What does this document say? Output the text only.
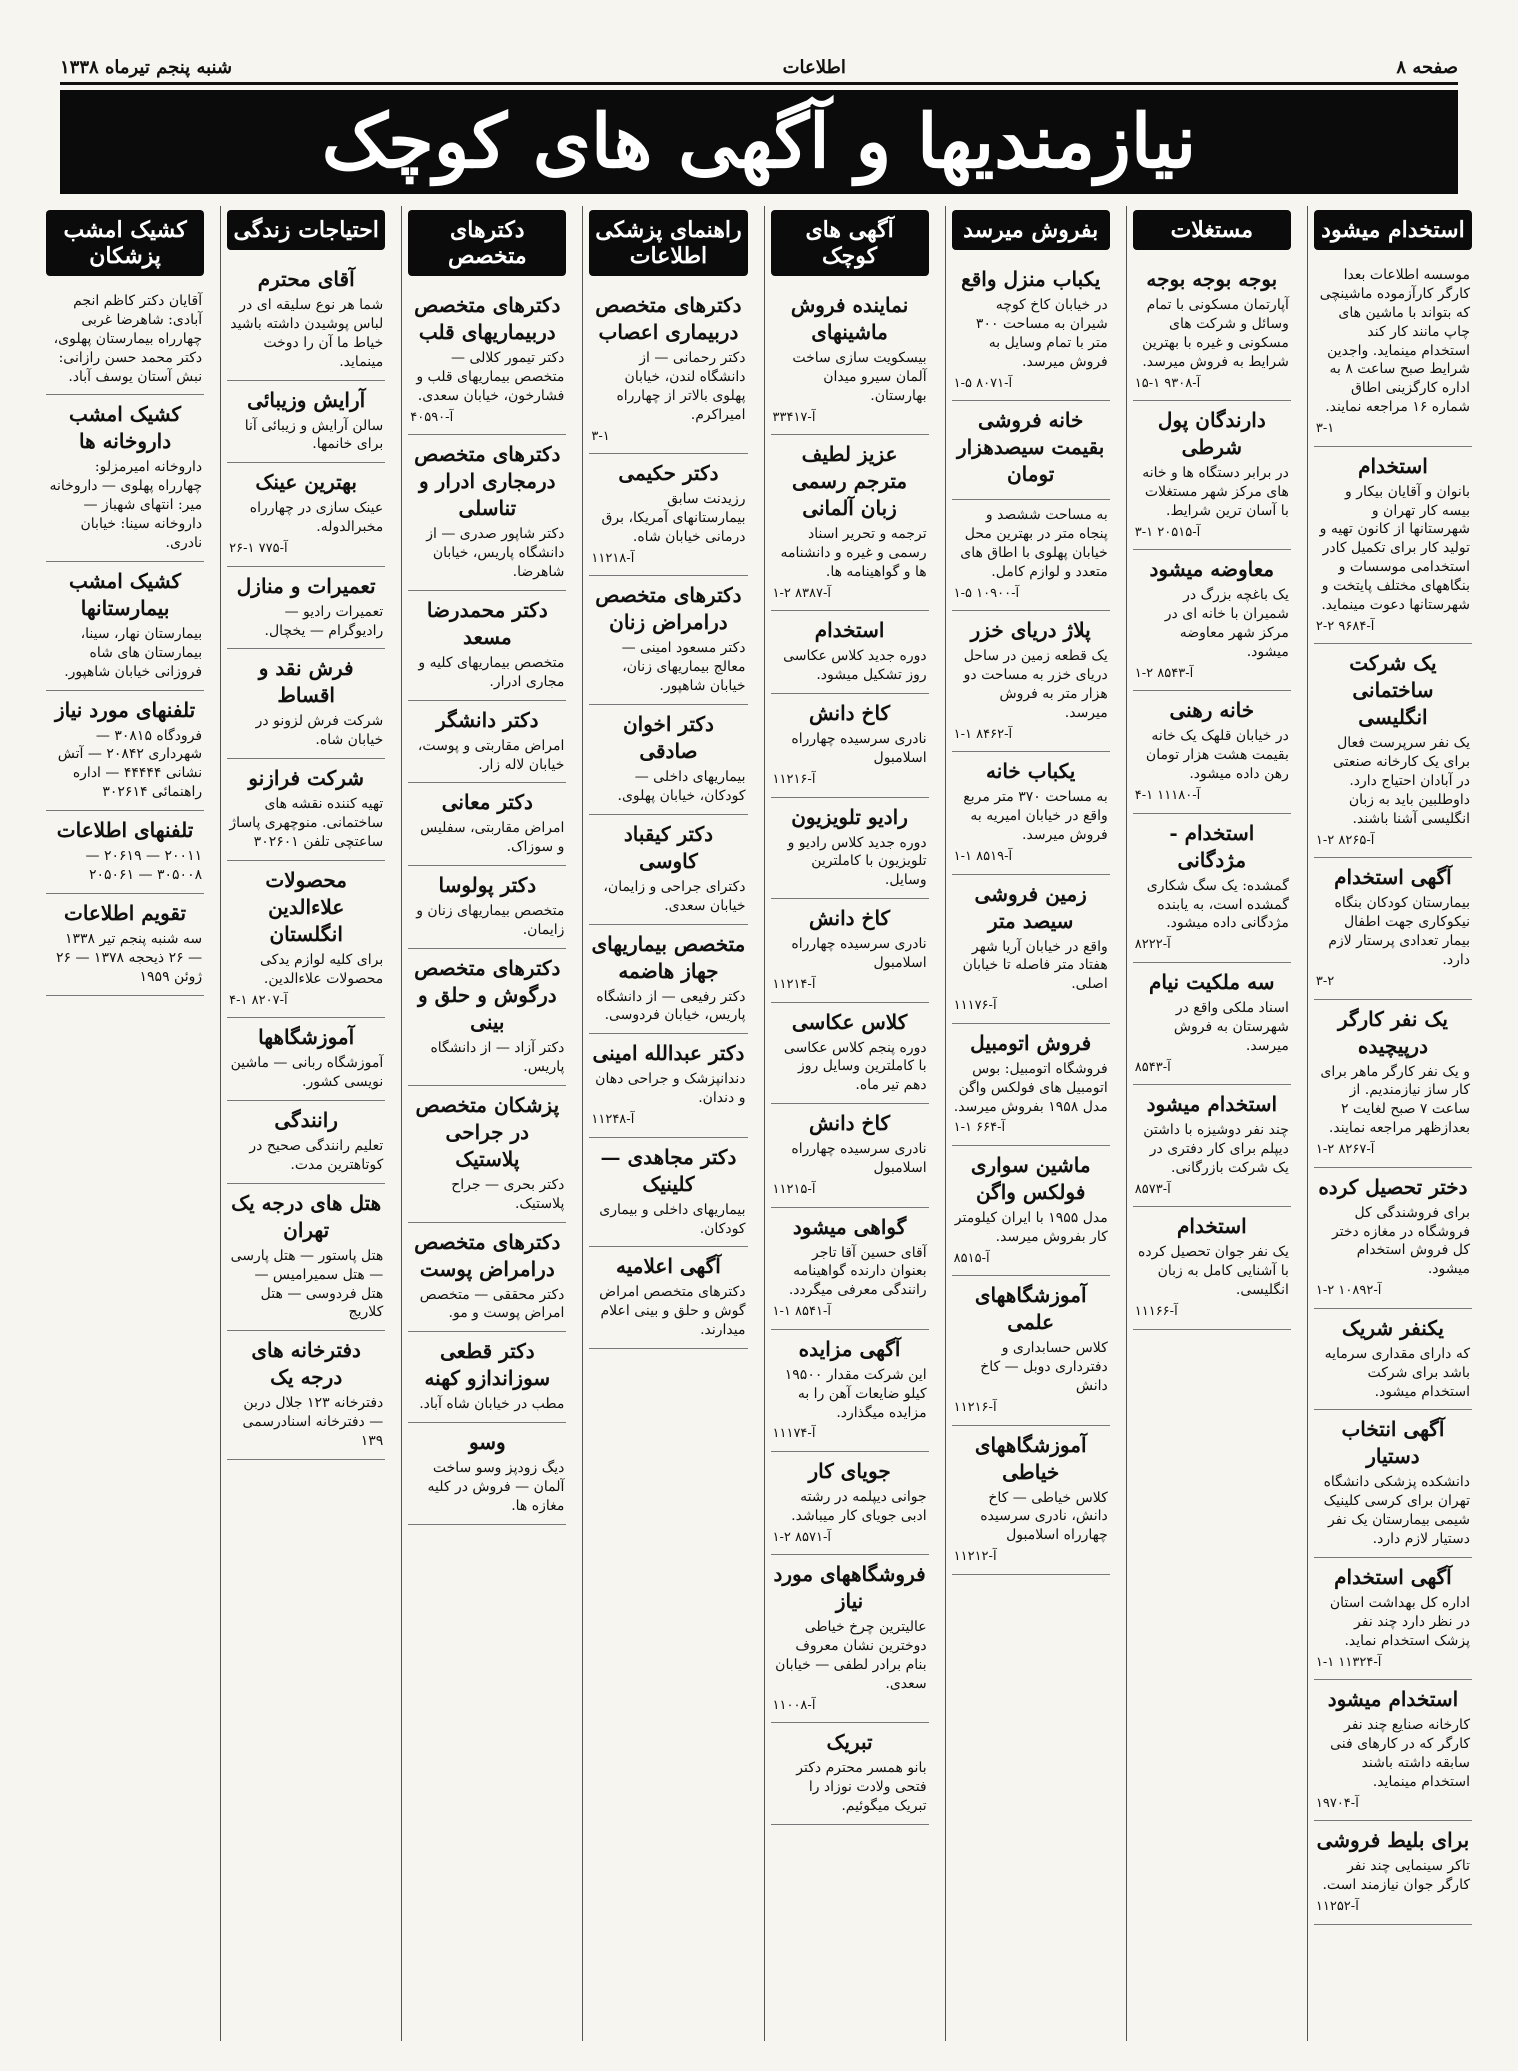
صفحه ۸
اطلاعات
شنبه پنجم تیرماه ۱۳۳۸
نیازمندیها و آگهی های کوچک
استخدام میشود
موسسه اطلاعات بعدا کارگر کارآزموده ماشینچی که بتواند با ماشین های چاپ مانند کار کند استخدام مینماید. واجدین شرایط صبح ساعت ۸ به اداره کارگزینی اطاق شماره ۱۶ مراجعه نمایند.
۳-۱
استخدام
بانوان و آقایان بیکار و بیسه کار تهران و شهرستانها از کانون تهیه و تولید کار برای تکمیل کادر استخدامی موسسات و بنگاههای مختلف پایتخت و شهرستانها دعوت مینماید.
آ-۹۶۸۴ ۲-۲
یک شرکت ساختمانی انگلیسی
یک نفر سرپرست فعال برای یک کارخانه صنعتی در آبادان احتیاج دارد. داوطلبین باید به زبان انگلیسی آشنا باشند.
آ-۸۲۶۵ ۲-۱
آگهی استخدام
بیمارستان کودکان بنگاه نیکوکاری جهت اطفال بیمار تعدادی پرستار لازم دارد.
۳-۲
یک نفر کارگر درپیچیده
و یک نفر کارگر ماهر برای کار ساز نیازمندیم. از ساعت ۷ صبح لغایت ۲ بعدازظهر مراجعه نمایند.
آ-۸۲۶۷ ۲-۱
دختر تحصیل کرده
برای فروشندگی کل فروشگاه در مغازه دختر کل فروش استخدام میشود.
آ-۱۰۸۹۲ ۲-۱
یکنفر شریک
که دارای مقداری سرمایه باشد برای شرکت استخدام میشود.
آگهی انتخاب دستیار
دانشکده پزشکی دانشگاه تهران برای کرسی کلینیک شیمی بیمارستان یک نفر دستیار لازم دارد.
آگهی استخدام
اداره کل بهداشت استان در نظر دارد چند نفر پزشک استخدام نماید.
آ-۱۱۳۲۴ ۱-۱
استخدام میشود
کارخانه صنایع چند نفر کارگر که در کارهای فنی سابقه داشته باشند استخدام مینماید.
آ-۱۹۷۰۴
برای بلیط فروشی
تاکر سینمایی چند نفر کارگر جوان نیازمند است.
آ-۱۱۲۵۲
مستغلات
بوجه بوجه بوجه
آپارتمان مسکونی با تمام وسائل و شرکت های مسکونی و غیره با بهترین شرایط به فروش میرسد.
آ-۹۳۰۸ ۱-۱۵
دارندگان پول شرطی
در برابر دستگاه ها و خانه های مرکز شهر مستغلات با آسان ترین شرایط.
آ-۲۰۵۱۵ ۱-۳
معاوضه میشود
یک باغچه بزرگ در شمیران با خانه ای در مرکز شهر معاوضه میشود.
آ-۸۵۴۳ ۲-۱
خانه رهنی
در خیابان قلهک یک خانه بقیمت هشت هزار تومان رهن داده میشود.
آ-۱۱۱۸۰ ۱-۴
استخدام - مژدگانی
گمشده: یک سگ شکاری گمشده است، به یابنده مژدگانی داده میشود.
آ-۸۲۲۲
سه ملکیت نیام
اسناد ملکی واقع در شهرستان به فروش میرسد.
آ-۸۵۴۳
استخدام میشود
چند نفر دوشیزه با داشتن دیپلم برای کار دفتری در یک شرکت بازرگانی.
آ-۸۵۷۳
استخدام
یک نفر جوان تحصیل کرده با آشنایی کامل به زبان انگلیسی.
آ-۱۱۱۶۶
بفروش میرسد
یکباب منزل واقع
در خیابان کاخ کوچه شیران به مساحت ۳۰۰ متر با تمام وسایل به فروش میرسد.
آ-۸۰۷۱ ۵-۱
خانه فروشی بقیمت سیصدهزار تومان
به مساحت ششصد و پنجاه متر در بهترین محل خیابان پهلوی با اطاق های متعدد و لوازم کامل.
آ-۱۰۹۰۰ ۵-۱
پلاژ دریای خزر
یک قطعه زمین در ساحل دریای خزر به مساحت دو هزار متر به فروش میرسد.
آ-۸۴۶۲ ۱-۱
یکباب خانه
به مساحت ۳۷۰ متر مربع واقع در خیابان امیریه به فروش میرسد.
آ-۸۵۱۹ ۱-۱
زمین فروشی سیصد متر
واقع در خیابان آریا شهر هفتاد متر فاصله تا خیابان اصلی.
آ-۱۱۱۷۶
فروش اتومبیل
فروشگاه اتومبیل: بوس اتومبیل های فولکس واگن مدل ۱۹۵۸ بفروش میرسد.
آ-۶۶۴ ۱-۱
ماشین سواری فولکس واگن
مدل ۱۹۵۵ با ایران کیلومتر کار بفروش میرسد.
آ-۸۵۱۵
آموزشگاههای علمی
کلاس حسابداری و دفترداری دوبل — کاخ دانش
آ-۱۱۲۱۶
آموزشگاههای خیاطی
کلاس خیاطی — کاخ دانش، نادری سرسیده چهارراه اسلامبول
آ-۱۱۲۱۲
آگهی های کوچک
نماینده فروش ماشینهای
بیسکویت سازی ساخت آلمان سیرو میدان بهارستان.
آ-۳۳۴۱۷
عزیز لطیف مترجم رسمی زبان آلمانی
ترجمه و تحریر اسناد رسمی و غیره و دانشنامه ها و گواهینامه ها.
آ-۸۳۸۷ ۲-۱
استخدام
دوره جدید کلاس عکاسی روز تشکیل میشود.
کاخ دانش
نادری سرسیده چهارراه اسلامبول
آ-۱۱۲۱۶
رادیو تلویزیون
دوره جدید کلاس رادیو و تلویزیون با کاملترین وسایل.
کاخ دانش
نادری سرسیده چهارراه اسلامبول
آ-۱۱۲۱۴
کلاس عکاسی
دوره پنجم کلاس عکاسی با کاملترین وسایل روز دهم تیر ماه.
کاخ دانش
نادری سرسیده چهارراه اسلامبول
آ-۱۱۲۱۵
گواهی میشود
آقای حسین آقا تاجر بعنوان دارنده گواهینامه رانندگی معرفی میگردد.
آ-۸۵۴۱ ۱-۱
آگهی مزایده
این شرکت مقدار ۱۹۵۰۰ کیلو ضایعات آهن را به مزایده میگذارد.
آ-۱۱۱۷۴
جویای کار
جوانی دیپلمه در رشته ادبی جویای کار میباشد.
آ-۸۵۷۱ ۲-۱
فروشگاههای مورد نیاز
عالیترین چرخ خیاطی دوخترین نشان معروف بنام برادر لطفی — خیابان سعدی.
آ-۱۱۰۰۸
تبریک
بانو همسر محترم دکتر فتحی ولادت نوزاد را تبریک میگوئیم.
راهنمای پزشکی اطلاعات
دکترهای متخصص دربیماری اعصاب
دکتر رحمانی — از دانشگاه لندن، خیابان پهلوی بالاتر از چهارراه امیراکرم.
۳-۱
دکتر حکیمی
رزیدنت سابق بیمارستانهای آمریکا، برق درمانی خیابان شاه.
آ-۱۱۲۱۸
دکترهای متخصص درامراض زنان
دکتر مسعود امینی — معالج بیماریهای زنان، خیابان شاهپور.
دکتر اخوان صادقی
بیماریهای داخلی — کودکان، خیابان پهلوی.
دکتر کیقباد کاوسی
دکترای جراحی و زایمان، خیابان سعدی.
متخصص بیماریهای جهاز هاضمه
دکتر رفیعی — از دانشگاه پاریس، خیابان فردوسی.
دکتر عبدالله امینی
دندانپزشک و جراحی دهان و دندان.
آ-۱۱۲۴۸
دکتر مجاهدی — کلینیک
بیماریهای داخلی و بیماری کودکان.
آگهی اعلامیه
دکترهای متخصص امراض گوش و حلق و بینی اعلام میدارند.
دکترهای متخصص
دکترهای متخصص دربیماریهای قلب
دکتر تیمور کلالی — متخصص بیماریهای قلب و فشارخون، خیابان سعدی.
آ-۴۰۵۹۰
دکترهای متخصص درمجاری ادرار و تناسلی
دکتر شاپور صدری — از دانشگاه پاریس، خیابان شاهرضا.
دکتر محمدرضا مسعد
متخصص بیماریهای کلیه و مجاری ادرار.
دکتر دانشگر
امراض مقاربتی و پوست، خیابان لاله زار.
دکتر معانی
امراض مقاربتی، سفلیس و سوزاک.
دکتر پولوسا
متخصص بیماریهای زنان و زایمان.
دکترهای متخصص درگوش و حلق و بینی
دکتر آزاد — از دانشگاه پاریس.
پزشکان متخصص در جراحی پلاستیک
دکتر بحری — جراح پلاستیک.
دکترهای متخصص درامراض پوست
دکتر محققی — متخصص امراض پوست و مو.
دکتر قطعی سوزاندازو کهنه
مطب در خیابان شاه آباد.
وسو
دیگ زودپز وسو ساخت آلمان — فروش در کلیه مغازه ها.
احتیاجات زندگی
آقای محترم
شما هر نوع سلیقه ای در لباس پوشیدن داشته باشید خیاط ما آن را دوخت مینماید.
آرایش وزیبائی
سالن آرایش و زیبائی آنا برای خانمها.
بهترین عینک
عینک سازی در چهارراه مخبرالدوله.
آ-۷۷۵ ۱-۲۶
تعمیرات و منازل
تعمیرات رادیو — رادیوگرام — یخچال.
فرش نقد و اقساط
شرکت فرش لزونو در خیابان شاه.
شرکت فرازنو
تهیه کننده نقشه های ساختمانی. منوچهری پاساژ ساعتچی تلفن ۳۰۲۶۰۱
محصولات علاءالدین انگلستان
برای کلیه لوازم یدکی محصولات علاءالدین.
آ-۸۲۰۷ ۱-۴
آموزشگاهها
آموزشگاه ربانی — ماشین نویسی کشور.
رانندگی
تعلیم رانندگی صحیح در کوتاهترین مدت.
هتل های درجه یک تهران
هتل پاستور — هتل پارسی — هتل سمیرامیس — هتل فردوسی — هتل کلاریج
دفترخانه های درجه یک
دفترخانه ۱۲۳ جلال دربن — دفترخانه اسنادرسمی ۱۳۹
کشیک امشب پزشکان
آقایان دکتر کاظم انجم آبادی: شاهرضا غربی چهارراه بیمارستان پهلوی، دکتر محمد حسن رازانی: نبش آستان یوسف آباد.
کشیک امشب داروخانه ها
داروخانه امیرمزلو: چهارراه پهلوی — داروخانه میر: انتهای شهباز — داروخانه سینا: خیابان نادری.
کشیک امشب بیمارستانها
بیمارستان نهار، سینا، بیمارستان های شاه فروزانی خیابان شاهپور.
تلفنهای مورد نیاز
فرودگاه ۳۰۸۱۵ — شهرداری ۲۰۸۴۲ — آتش نشانی ۴۴۴۴۴ — اداره راهنمائی ۳۰۲۶۱۴
تلفنهای اطلاعات
۲۰۰۱۱ — ۲۰۶۱۹ — ۳۰۵۰۰۸ — ۲۰۵۰۶۱
تقویم اطلاعات
سه شنبه پنجم تیر ۱۳۳۸ — ۲۶ ذیحجه ۱۳۷۸ — ۲۶ ژوئن ۱۹۵۹
